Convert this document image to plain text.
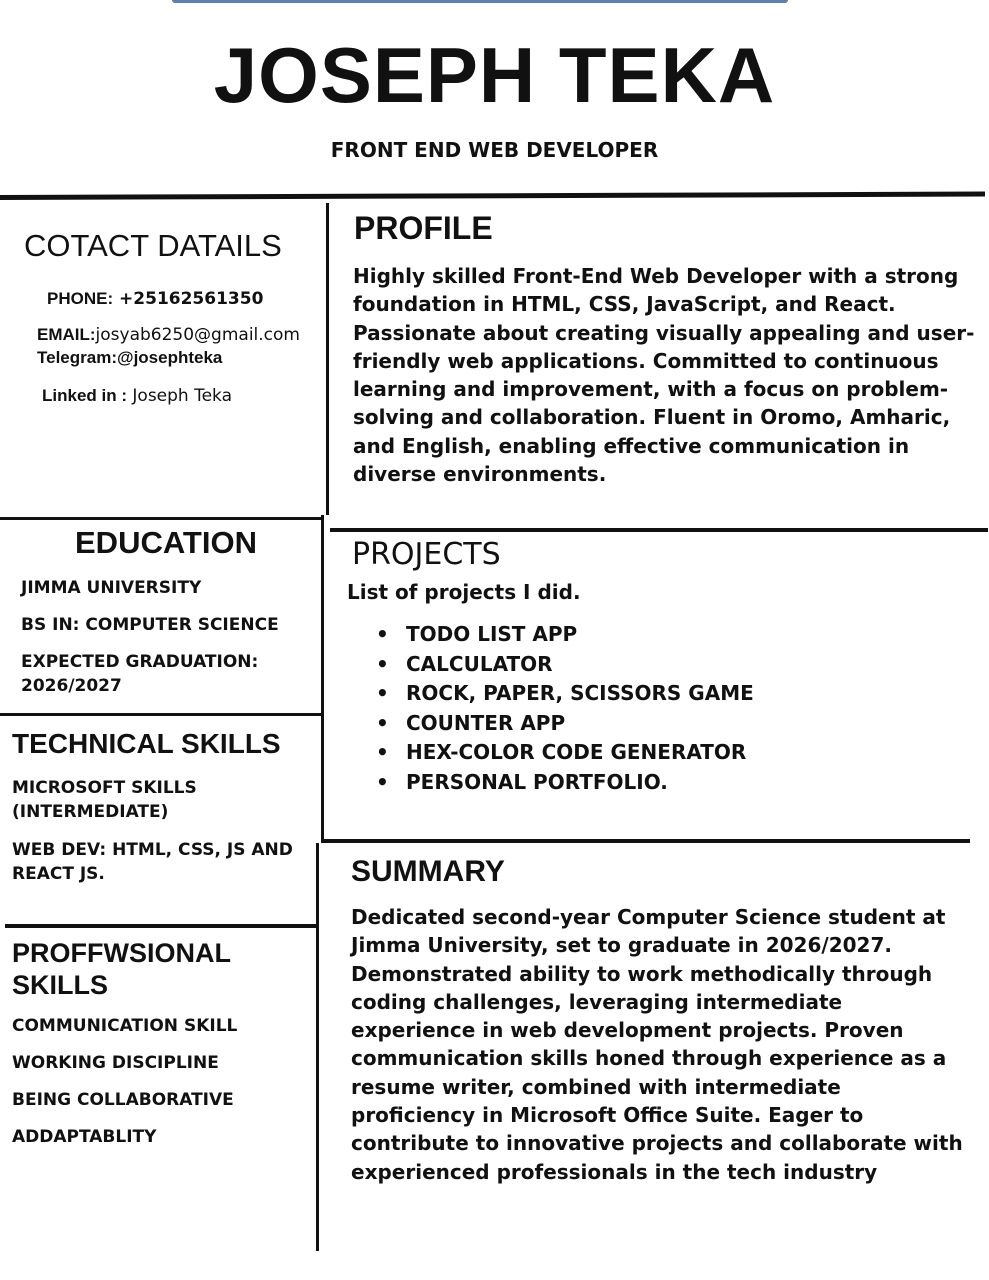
JOSEPH TEKA
FRONT END WEB DEVELOPER
COTACT DATAILS
PHONE: +25162561350
EMAIL:josyab6250@gmail.com
Telegram:@josephteka
Linked in : Joseph Teka
EDUCATION
JIMMA UNIVERSITY
BS IN: COMPUTER SCIENCE
EXPECTED GRADUATION:
2026/2027
TECHNICAL SKILLS
MICROSOFT SKILLS
(INTERMEDIATE)
WEB DEV: HTML, CSS, JS AND
REACT JS.
PROFFWSIONAL
SKILLS
COMMUNICATION SKILL
WORKING DISCIPLINE
BEING COLLABORATIVE
ADDAPTABLITY
PROFILE
Highly skilled Front-End Web Developer with a strong
foundation in HTML, CSS, JavaScript, and React.
Passionate about creating visually appealing and user-
friendly web applications. Committed to continuous
learning and improvement, with a focus on problem-
solving and collaboration. Fluent in Oromo, Amharic,
and English, enabling effective communication in
diverse environments.
PROJECTS
List of projects I did.
• TODO LIST APP
• CALCULATOR
• ROCK, PAPER, SCISSORS GAME
• COUNTER APP
• HEX-COLOR CODE GENERATOR
• PERSONAL PORTFOLIO.
SUMMARY
Dedicated second-year Computer Science student at
Jimma University, set to graduate in 2026/2027.
Demonstrated ability to work methodically through
coding challenges, leveraging intermediate
experience in web development projects. Proven
communication skills honed through experience as a
resume writer, combined with intermediate
proficiency in Microsoft Office Suite. Eager to
contribute to innovative projects and collaborate with
experienced professionals in the tech industry
